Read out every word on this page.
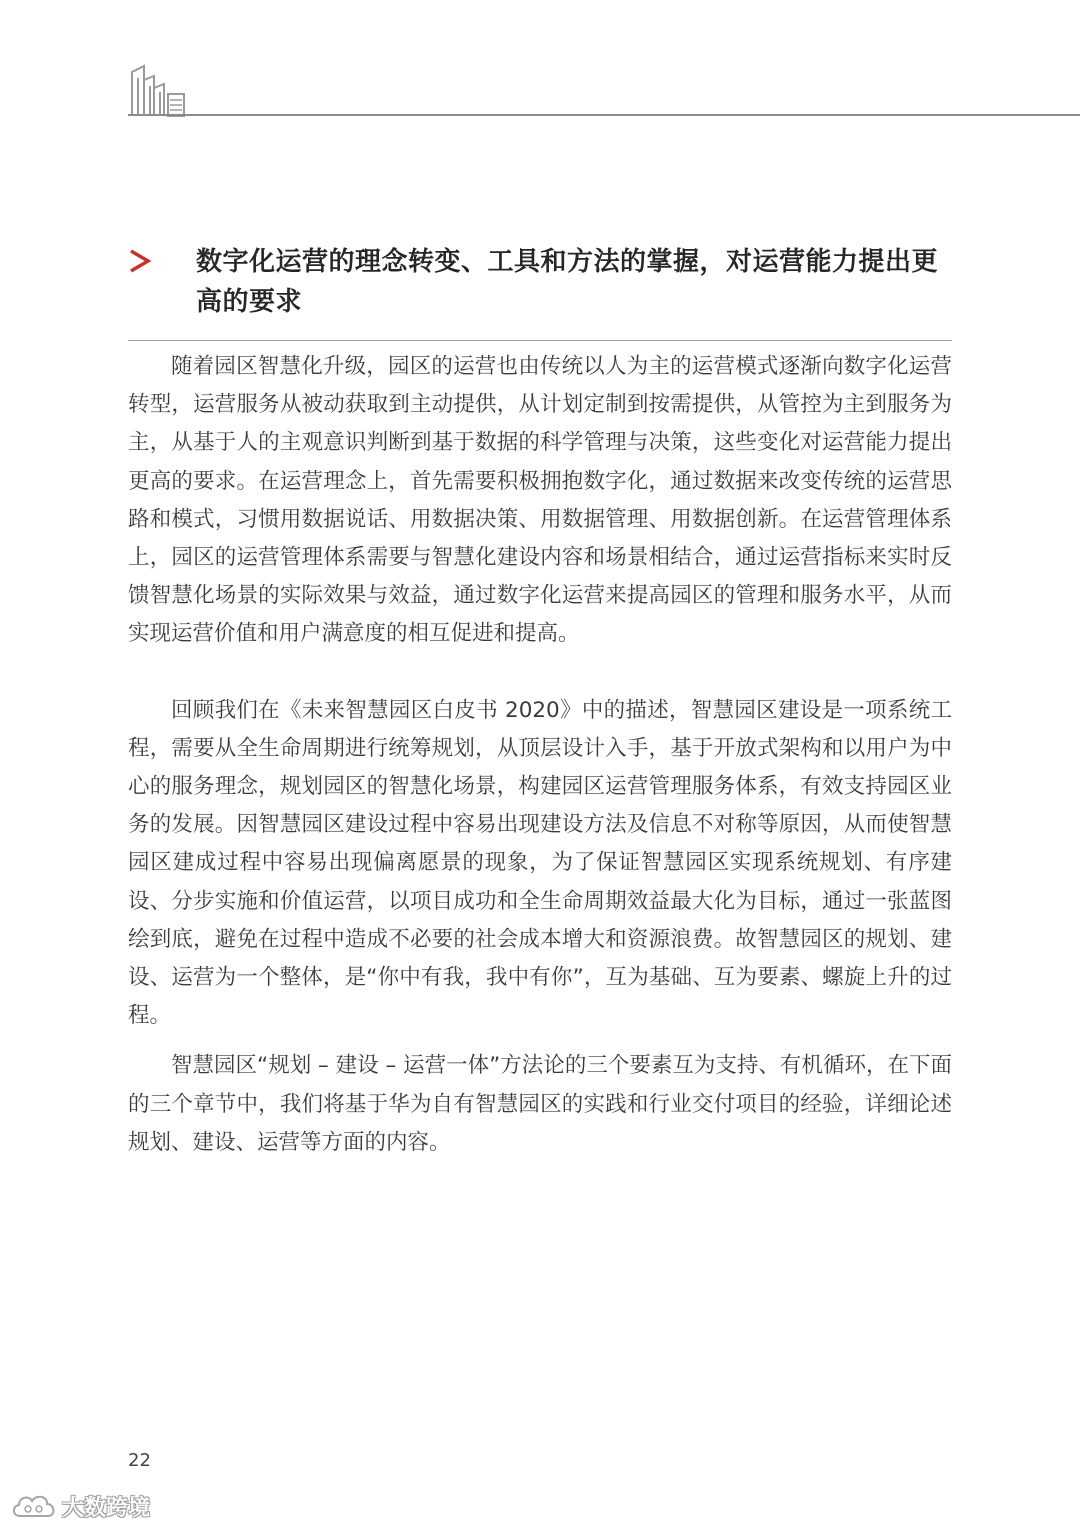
数字化运营的理念转变、工具和方法的掌握，对运营能力提出更高的要求

随着园区智慧化升级，园区的运营也由传统以人为主的运营模式逐渐向数字化运营转型，运营服务从被动获取到主动提供，从计划定制到按需提供，从管控为主到服务为主，从基于人的主观意识判断到基于数据的科学管理与决策，这些变化对运营能力提出更高的要求。在运营理念上，首先需要积极拥抱数字化，通过数据来改变传统的运营思路和模式，习惯用数据说话、用数据决策、用数据管理、用数据创新。在运营管理体系上，园区的运营管理体系需要与智慧化建设内容和场景相结合，通过运营指标来实时反馈智慧化场景的实际效果与效益，通过数字化运营来提高园区的管理和服务水平，从而实现运营价值和用户满意度的相互促进和提高。

回顾我们在《未来智慧园区白皮书 2020》中的描述，智慧园区建设是一项系统工程，需要从全生命周期进行统筹规划，从顶层设计入手，基于开放式架构和以用户为中心的服务理念，规划园区的智慧化场景，构建园区运营管理服务体系，有效支持园区业务的发展。因智慧园区建设过程中容易出现建设方法及信息不对称等原因，从而使智慧园区建成过程中容易出现偏离愿景的现象，为了保证智慧园区实现系统规划、有序建设、分步实施和价值运营，以项目成功和全生命周期效益最大化为目标，通过一张蓝图绘到底，避免在过程中造成不必要的社会成本增大和资源浪费。故智慧园区的规划、建设、运营为一个整体，是“你中有我，我中有你”，互为基础、互为要素、螺旋上升的过程。

智慧园区“规划 – 建设 – 运营一体”方法论的三个要素互为支持、有机循环，在下面的三个章节中，我们将基于华为自有智慧园区的实践和行业交付项目的经验，详细论述规划、建设、运营等方面的内容。

22
大数跨境
